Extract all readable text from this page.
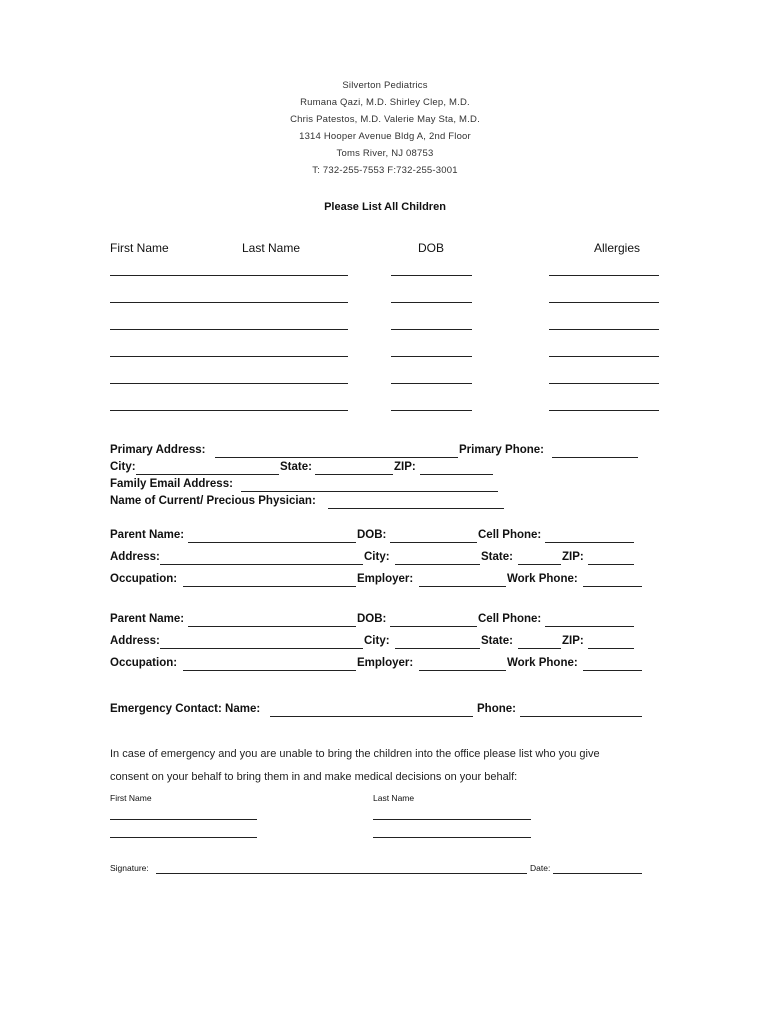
Silverton Pediatrics
Rumana Qazi, M.D. Shirley Clep, M.D.
Chris Patestos, M.D. Valerie May Sta, M.D.
1314 Hooper Avenue Bldg A, 2nd Floor
Toms River, NJ 08753
T: 732-255-7553 F:732-255-3001
Please List All Children
First Name	Last Name	DOB	Allergies
Primary Address:	Primary Phone:
City:	State:	ZIP:
Family Email Address:
Name of Current/ Precious Physician:
Parent Name:	DOB:	Cell Phone:
Address:	City:	State:	ZIP:
Occupation:	Employer:	Work Phone:
Parent Name:	DOB:	Cell Phone:
Address:	City:	State:	ZIP:
Occupation:	Employer:	Work Phone:
Emergency Contact: Name:	Phone:
In case of emergency and you are unable to bring the children into the office please list who you give
consent on your behalf to bring them in and make medical decisions on your behalf:
First Name	Last Name
Signature:	Date:
